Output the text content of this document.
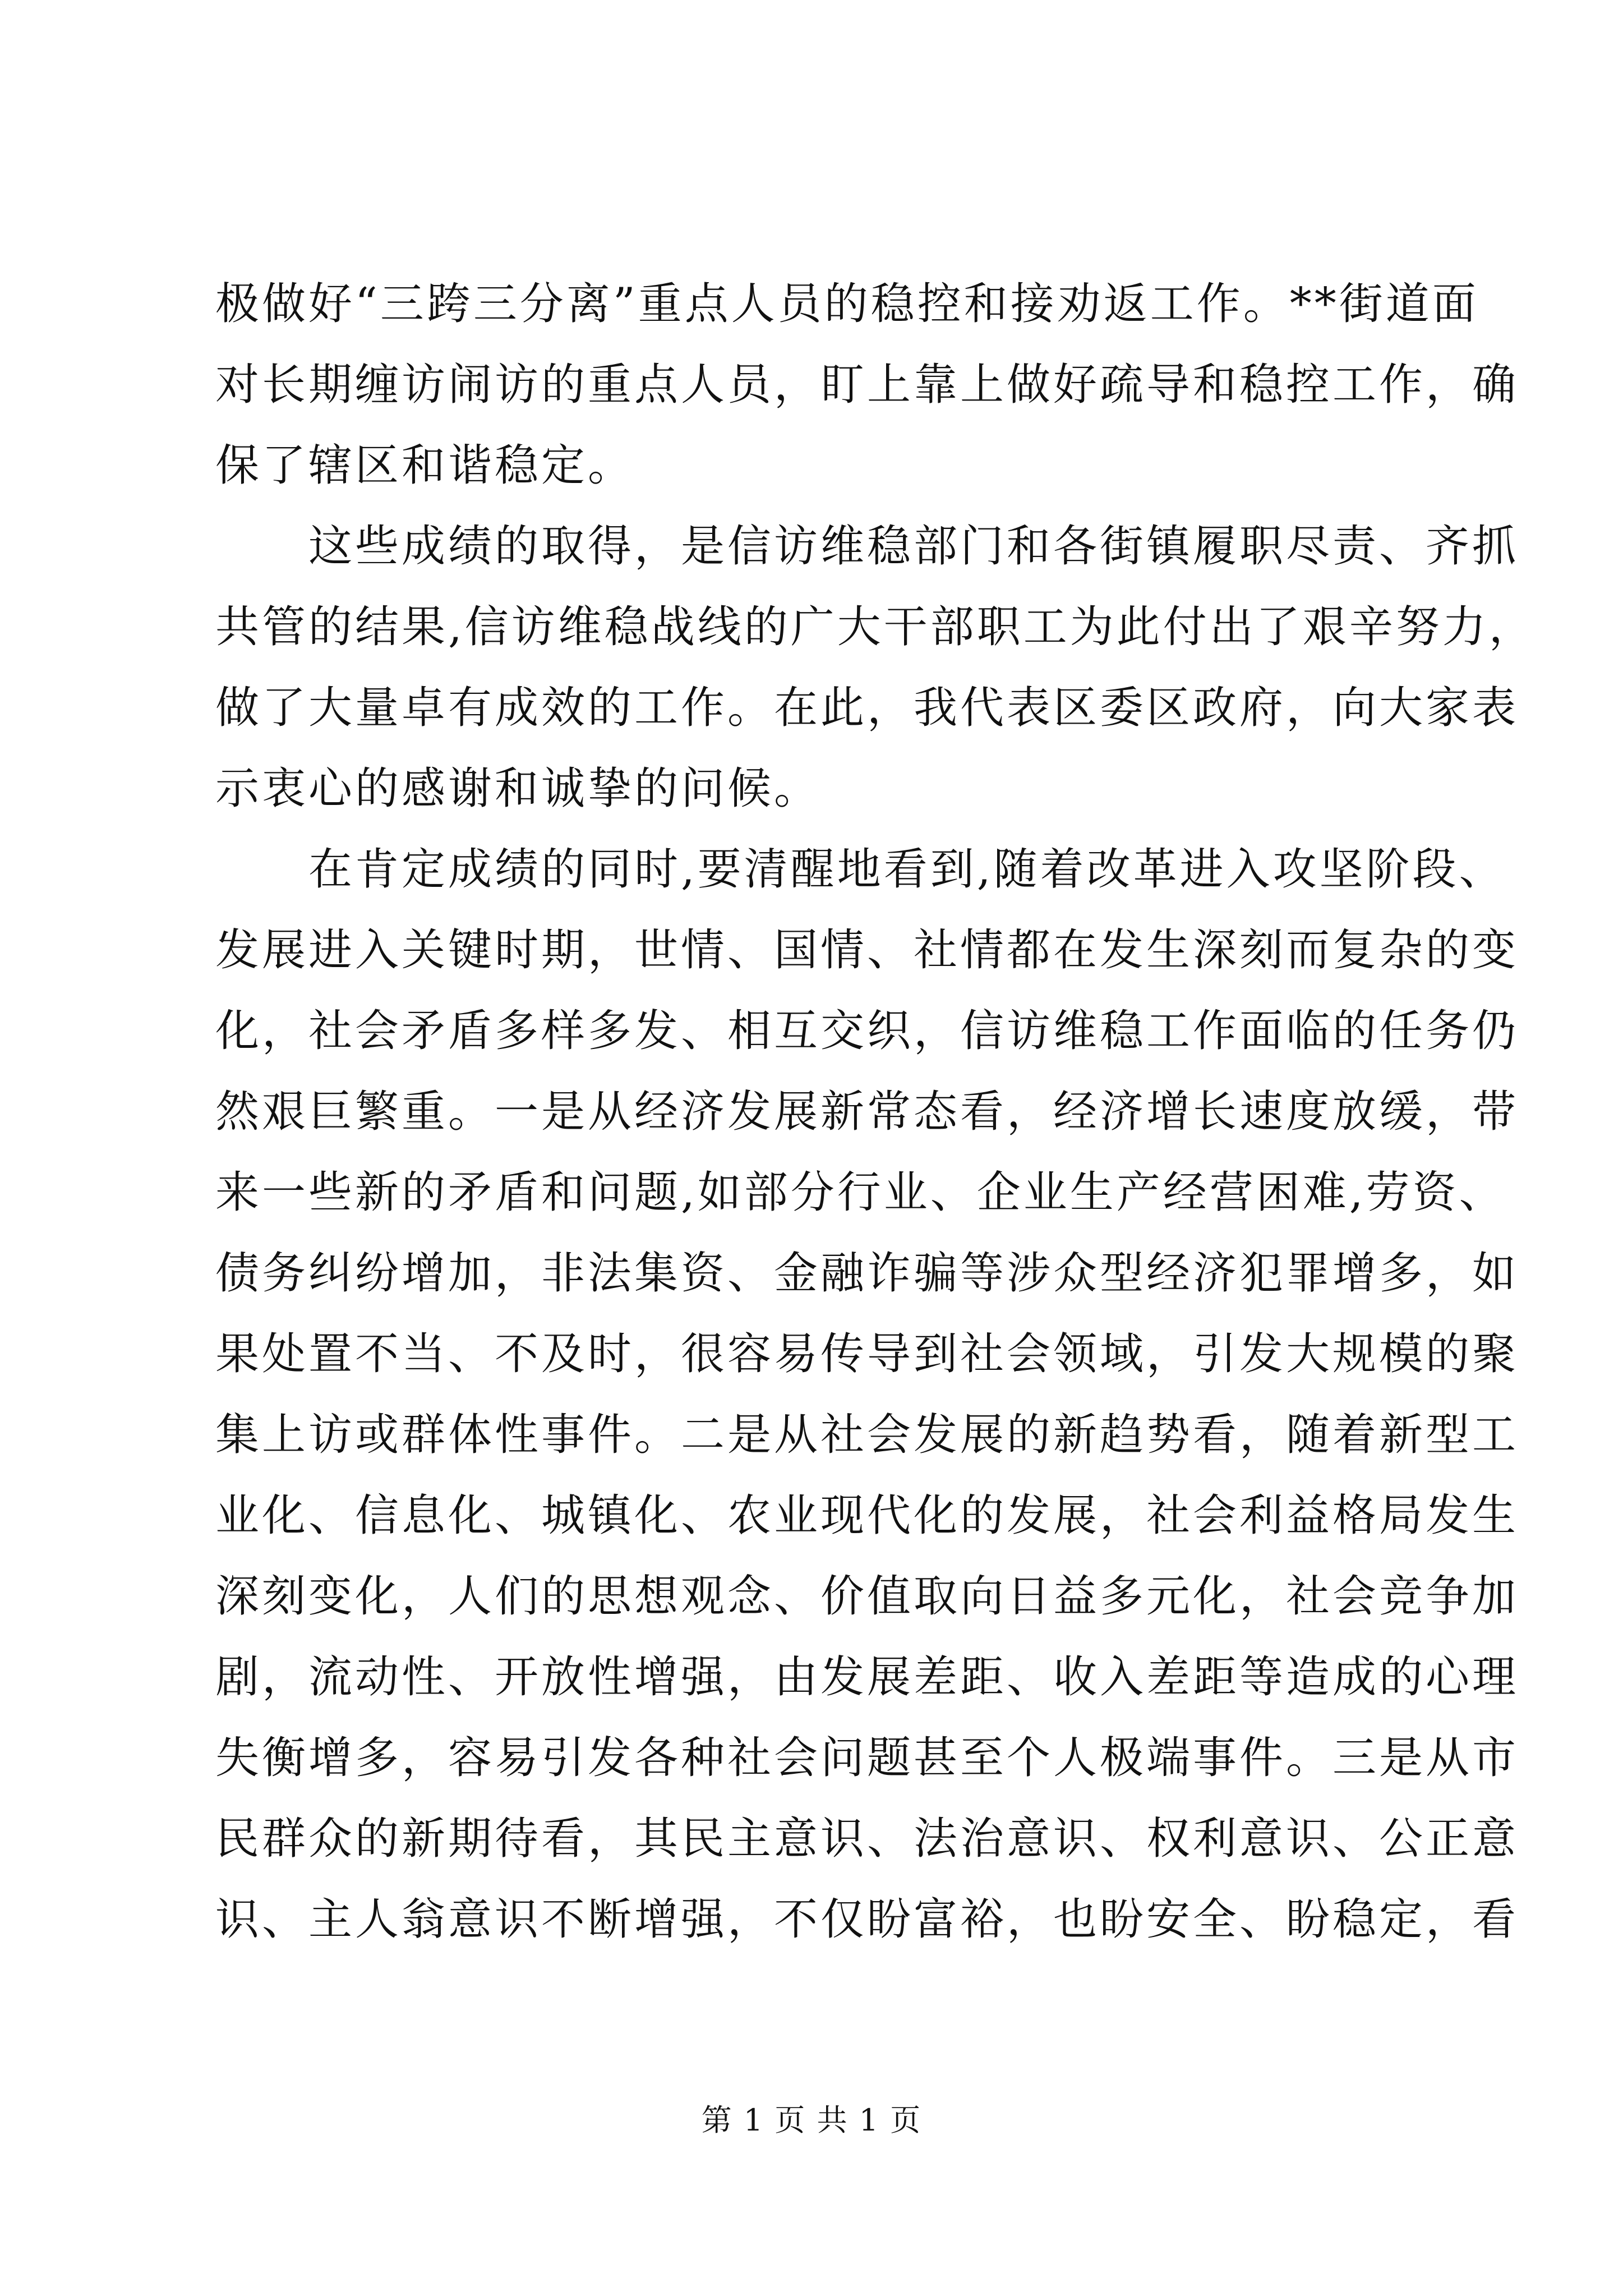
极做好“三跨三分离”重点人员的稳控和接劝返工作。**街道面
对长期缠访闹访的重点人员，盯上靠上做好疏导和稳控工作，确
保了辖区和谐稳定。
　　这些成绩的取得，是信访维稳部门和各街镇履职尽责、齐抓
共管的结果,信访维稳战线的广大干部职工为此付出了艰辛努力，
做了大量卓有成效的工作。在此，我代表区委区政府，向大家表
示衷心的感谢和诚挚的问候。
　　在肯定成绩的同时,要清醒地看到,随着改革进入攻坚阶段、
发展进入关键时期，世情、国情、社情都在发生深刻而复杂的变
化，社会矛盾多样多发、相互交织，信访维稳工作面临的任务仍
然艰巨繁重。一是从经济发展新常态看，经济增长速度放缓，带
来一些新的矛盾和问题,如部分行业、企业生产经营困难,劳资、
债务纠纷增加，非法集资、金融诈骗等涉众型经济犯罪增多，如
果处置不当、不及时，很容易传导到社会领域，引发大规模的聚
集上访或群体性事件。二是从社会发展的新趋势看，随着新型工
业化、信息化、城镇化、农业现代化的发展，社会利益格局发生
深刻变化，人们的思想观念、价值取向日益多元化，社会竞争加
剧，流动性、开放性增强，由发展差距、收入差距等造成的心理
失衡增多，容易引发各种社会问题甚至个人极端事件。三是从市
民群众的新期待看，其民主意识、法治意识、权利意识、公正意
识、主人翁意识不断增强，不仅盼富裕，也盼安全、盼稳定，看
第 1 页 共 1 页
